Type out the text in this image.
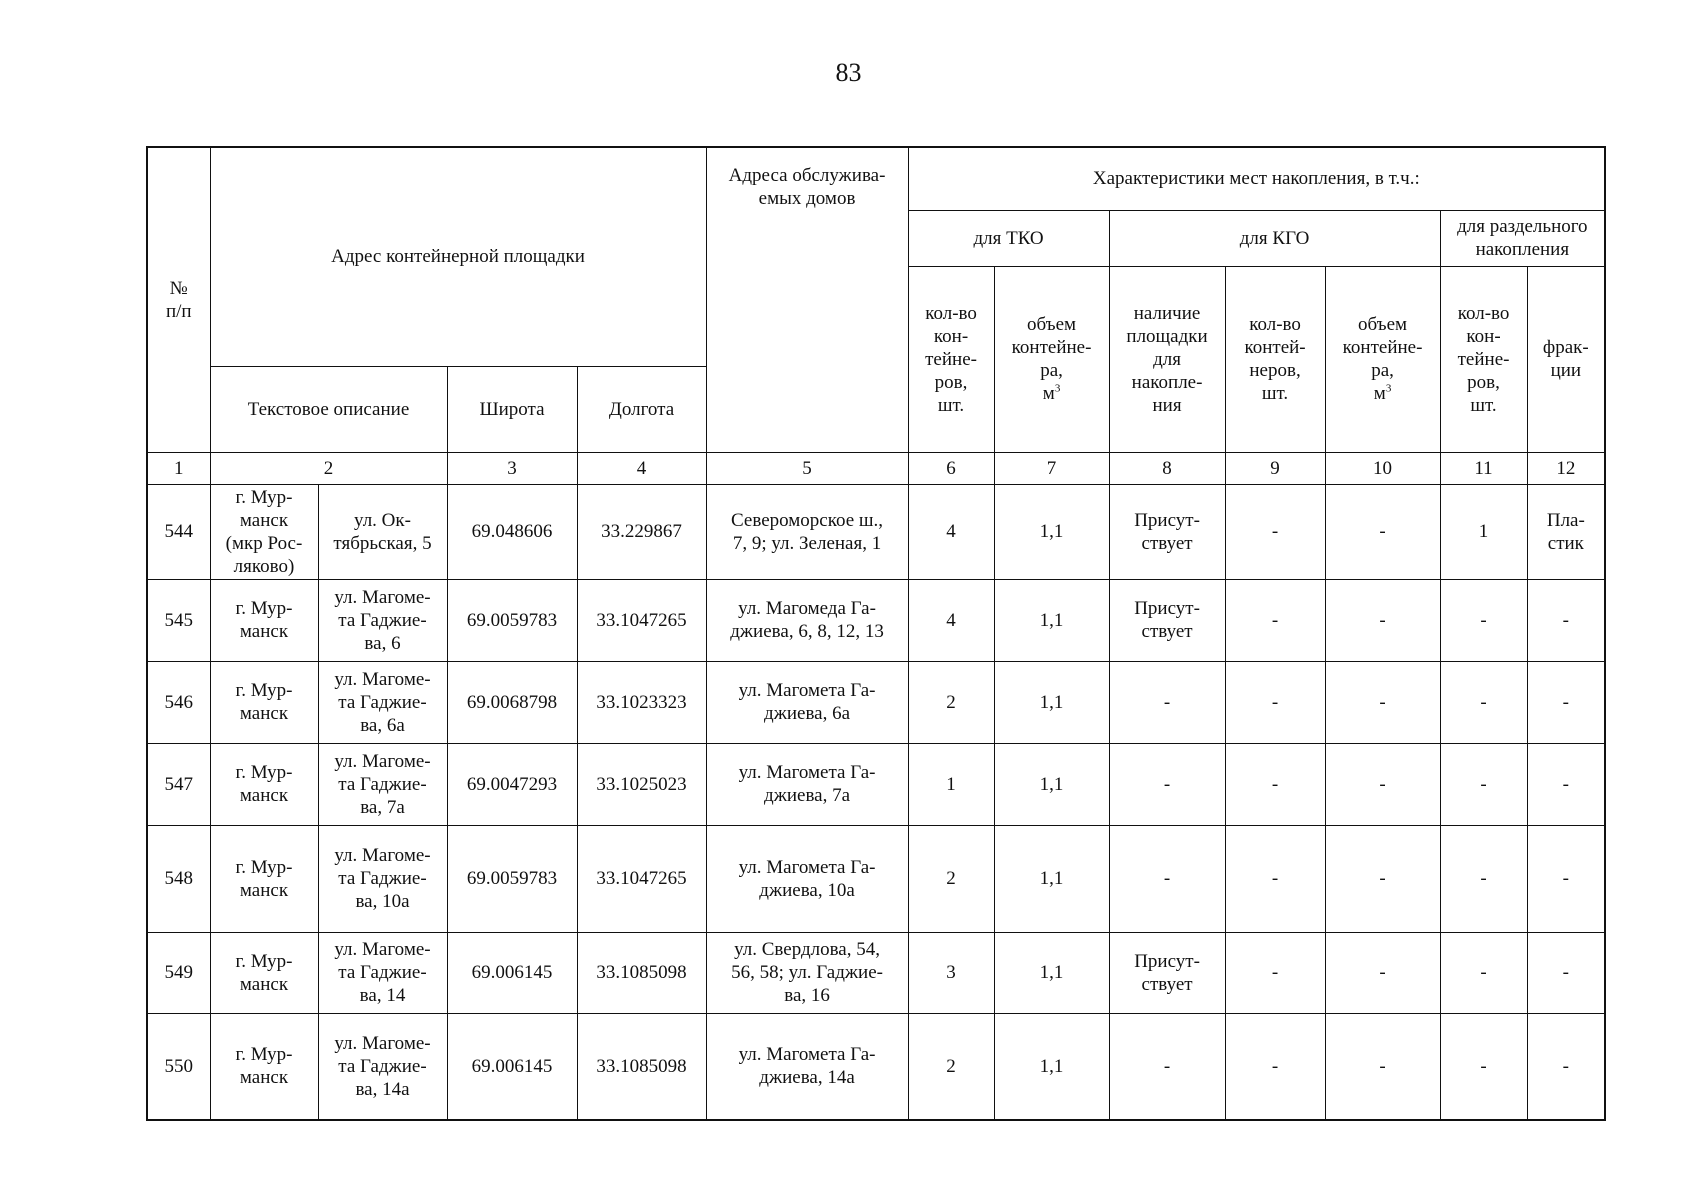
83
№
п/п	Адрес контейнерной площадки				Адреса обслужива-
емых домов	Характеристики мест накопления, в т.ч.:						
						для ТКО		для КГО			для раздельного
накопления	
						кол-во
кон-
тейне-
ров,
шт.	объем
контейне-
ра,
$м^3$	наличие
площадки
для
накопле-
ния	кол-во
контей-
неров,
шт.	объем
контейне-
ра,
$м^3$	кол-во
кон-
тейне-
ров,
шт.	фрак-
ции
	Текстовое описание		Широта	Долгота								
1	2		3	4	5	6	7	8	9	10	11	12
544	г. Мур-
манск
(мкр Рос-
ляково)	ул. Ок-
тябрьская, 5	69.048606	33.229867	Североморское ш.,
7, 9; ул. Зеленая, 1	4	1,1	Присут-
ствует	-	-	1	Пла-
стик
545	г. Мур-
манск	ул. Магоме-
та Гаджие-
ва, 6	69.0059783	33.1047265	ул. Магомеда Га-
джиева, 6, 8, 12, 13	4	1,1	Присут-
ствует	-	-	-	-
546	г. Мур-
манск	ул. Магоме-
та Гаджие-
ва, 6а	69.0068798	33.1023323	ул. Магомета Га-
джиева, 6а	2	1,1	-	-	-	-	-
547	г. Мур-
манск	ул. Магоме-
та Гаджие-
ва, 7а	69.0047293	33.1025023	ул. Магомета Га-
джиева, 7а	1	1,1	-	-	-	-	-
548	г. Мур-
манск	ул. Магоме-
та Гаджие-
ва, 10а	69.0059783	33.1047265	ул. Магомета Га-
джиева, 10а	2	1,1	-	-	-	-	-
549	г. Мур-
манск	ул. Магоме-
та Гаджие-
ва, 14	69.006145	33.1085098	ул. Свердлова, 54,
56, 58; ул. Гаджие-
ва, 16	3	1,1	Присут-
ствует	-	-	-	-
550	г. Мур-
манск	ул. Магоме-
та Гаджие-
ва, 14а	69.006145	33.1085098	ул. Магомета Га-
джиева, 14а	2	1,1	-	-	-	-	-
